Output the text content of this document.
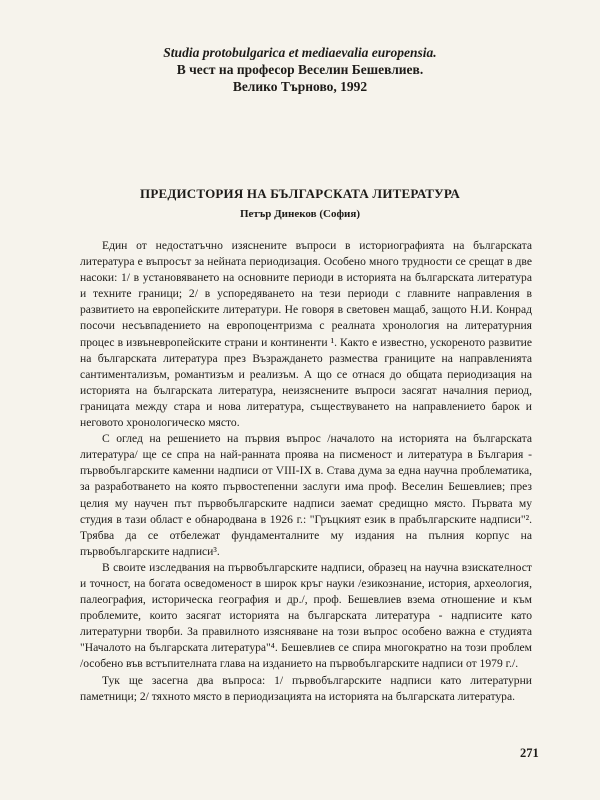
Studia protobulgarica et mediaevalia europensia.
В чест на професор Веселин Бешевлиев.
Велико Търново, 1992
ПРЕДИСТОРИЯ НА БЪЛГАРСКАТА ЛИТЕРАТУРА
Петър Динеков (София)

Един от недостатъчно изяснените въпроси в историографията на българската литература е въпросът за нейната периодизация. Особено много трудности се срещат в две насоки: 1/ в установяването на основните периоди в историята на българската литература и техните граници; 2/ в успоредяването на тези периоди с главните направления в развитието на европейските литератури. Не говоря в световен мащаб, защото Н.И. Конрад посочи несъвпадението на европоцентризма с реалната хронология на литературния процес в извъневропейските страни и континенти ¹. Както е известно, ускореното развитие на българската литература през Възраждането размества границите на направленията сантиментализъм, романтизъм и реализъм. А що се отнася до общата периодизация на историята на българската литература, неизяснените въпроси засягат началния период, границата между стара и нова литература, съществуването на направлението барок и неговото хронологическо място.

С оглед на решението на първия въпрос /началото на историята на българската литература/ ще се спра на най-ранната проява на писменост и литература в България - първобългарските каменни надписи от VIII-IX в. Става дума за една научна проблематика, за разработването на която първостепенни заслуги има проф. Веселин Бешевлиев; през целия му научен път първобългарските надписи заемат средищно място. Първата му студия в тази област е обнародвана в 1926 г.: "Гръцкият език в прабългарските надписи"². Трябва да се отбележат фундаменталните му издания на пълния корпус на първобългарските надписи³.

В своите изследвания на първобългарските надписи, образец на научна взискателност и точност, на богата осведоменост в широк кръг науки /езикознание, история, археология, палеография, историческа география и др./, проф. Бешевлиев взема отношение и към проблемите, които засягат историята на българската литература - надписите като литературни творби. За правилното изясняване на този въпрос особено важна е студията "Началото на българската литература"⁴. Бешевлиев се спира многократно на този проблем /особено във встъпителната глава на изданието на първобългарските надписи от 1979 г./.

Тук ще засегна два въпроса: 1/ първобългарските надписи като литературни паметници; 2/ тяхното място в периодизацията на историята на българската литература.

271
